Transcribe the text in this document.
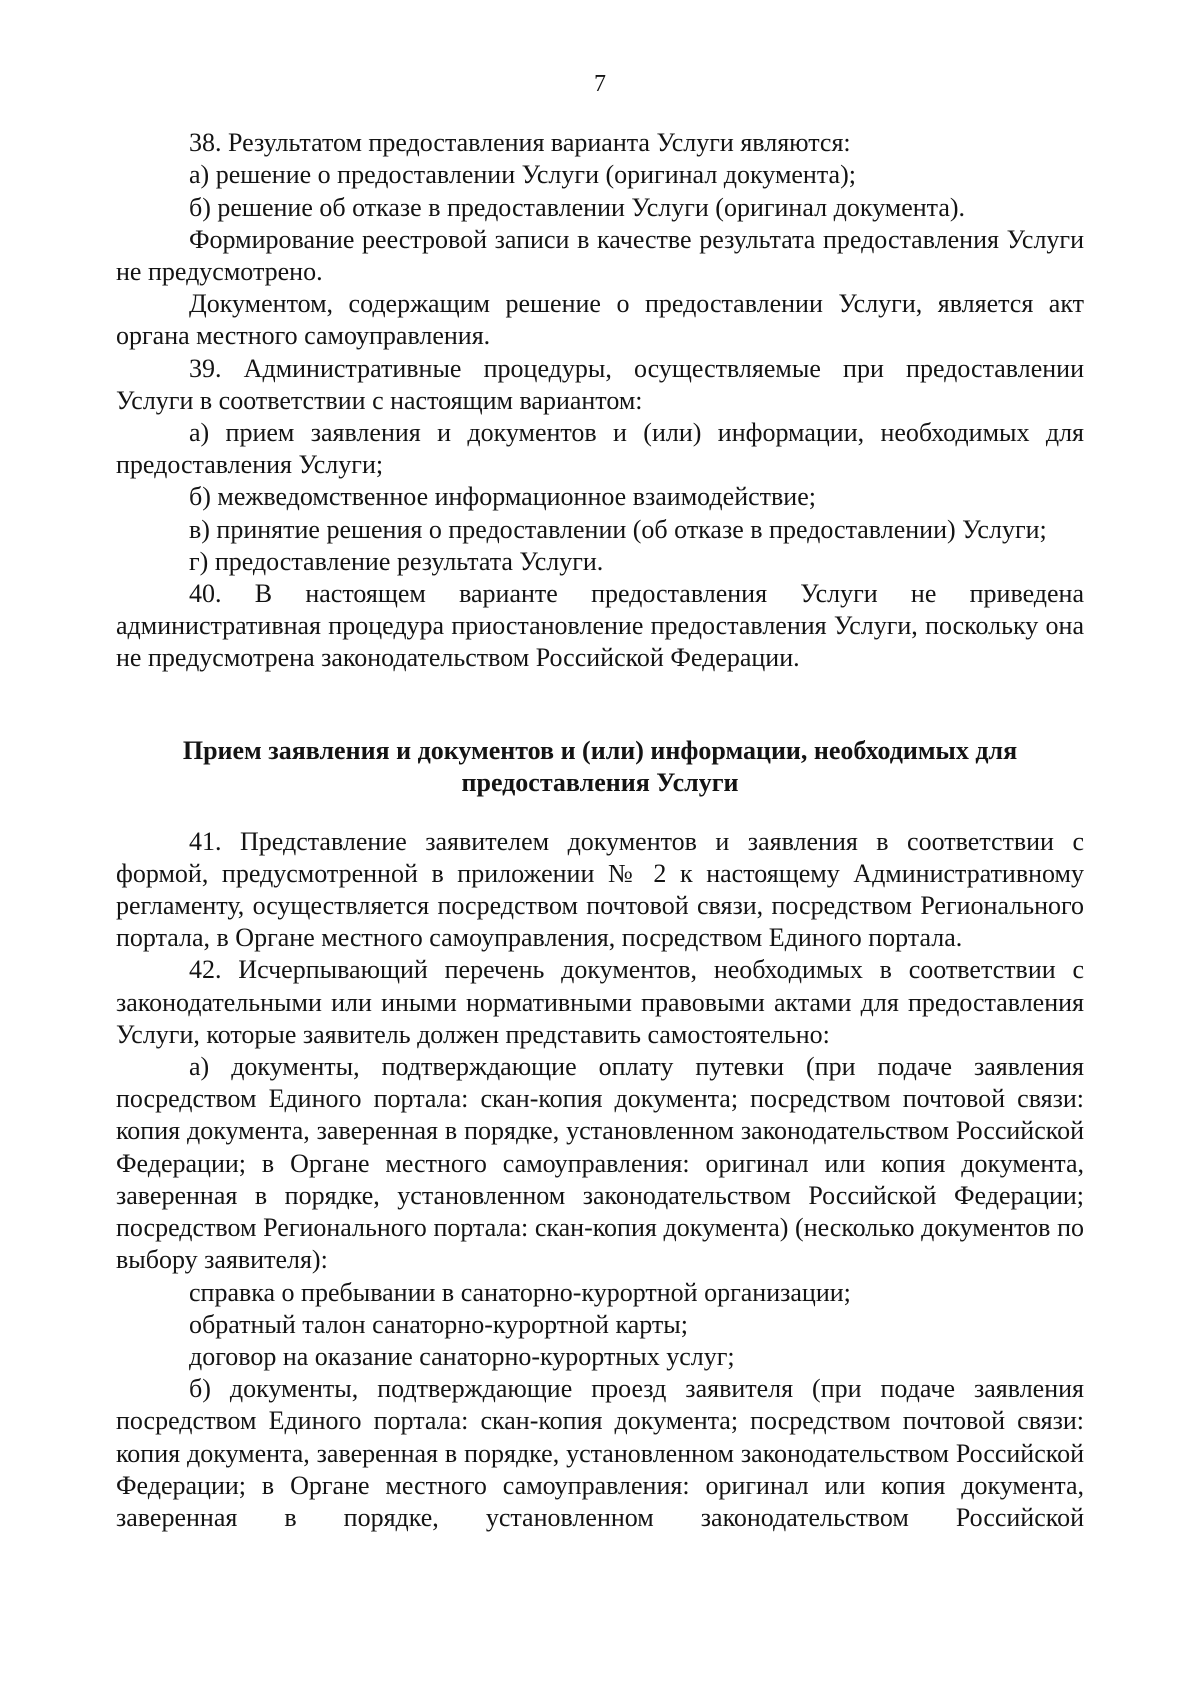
7

38. Результатом предоставления варианта Услуги являются:

а) решение о предоставлении Услуги (оригинал документа);

б) решение об отказе в предоставлении Услуги (оригинал документа).

Формирование реестровой записи в качестве результата предоставления Услуги не предусмотрено.

Документом, содержащим решение о предоставлении Услуги, является акт органа местного самоуправления.

39. Административные процедуры, осуществляемые при предоставлении Услуги в соответствии с настоящим вариантом:

а) прием заявления и документов и (или) информации, необходимых для предоставления Услуги;

б) межведомственное информационное взаимодействие;

в) принятие решения о предоставлении (об отказе в предоставлении) Услуги;

г) предоставление результата Услуги.

40. В настоящем варианте предоставления Услуги не приведена административная процедура приостановление предоставления Услуги, поскольку она не предусмотрена законодательством Российской Федерации.

Прием заявления и документов и (или) информации, необходимых для предоставления Услуги

41. Представление заявителем документов и заявления в соответствии с формой, предусмотренной в приложении № 2 к настоящему Административному регламенту, осуществляется посредством почтовой связи, посредством Регионального портала, в Органе местного самоуправления, посредством Единого портала.

42. Исчерпывающий перечень документов, необходимых в соответствии с законодательными или иными нормативными правовыми актами для предоставления Услуги, которые заявитель должен представить самостоятельно:

а) документы, подтверждающие оплату путевки (при подаче заявления посредством Единого портала: скан-копия документа; посредством почтовой связи: копия документа, заверенная в порядке, установленном законодательством Российской Федерации; в Органе местного самоуправления: оригинал или копия документа, заверенная в порядке, установленном законодательством Российской Федерации; посредством Регионального портала: скан-копия документа) (несколько документов по выбору заявителя):

справка о пребывании в санаторно-курортной организации;

обратный талон санаторно-курортной карты;

договор на оказание санаторно-курортных услуг;

б) документы, подтверждающие проезд заявителя (при подаче заявления посредством Единого портала: скан-копия документа; посредством почтовой связи: копия документа, заверенная в порядке, установленном законодательством Российской Федерации; в Органе местного самоуправления: оригинал или копия документа, заверенная в порядке, установленном законодательством Российской
